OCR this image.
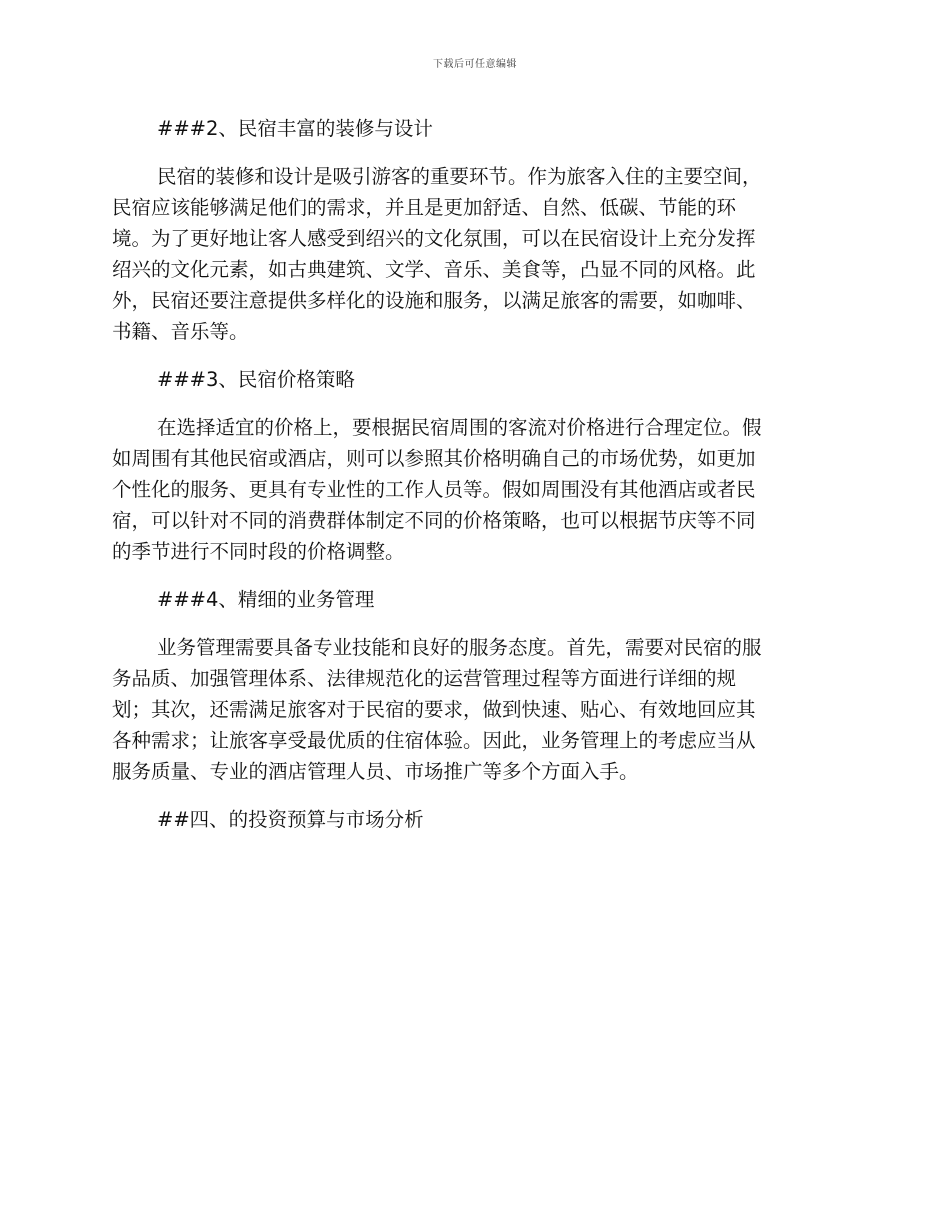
下载后可任意编辑
###2、民宿丰富的装修与设计

民宿的装修和设计是吸引游客的重要环节。作为旅客入住的主要空间，
民宿应该能够满足他们的需求，并且是更加舒适、自然、低碳、节能的环
境。为了更好地让客人感受到绍兴的文化氛围，可以在民宿设计上充分发挥
绍兴的文化元素，如古典建筑、文学、音乐、美食等，凸显不同的风格。此
外，民宿还要注意提供多样化的设施和服务，以满足旅客的需要，如咖啡、
书籍、音乐等。

###3、民宿价格策略

在选择适宜的价格上，要根据民宿周围的客流对价格进行合理定位。假
如周围有其他民宿或酒店，则可以参照其价格明确自己的市场优势，如更加
个性化的服务、更具有专业性的工作人员等。假如周围没有其他酒店或者民
宿，可以针对不同的消费群体制定不同的价格策略，也可以根据节庆等不同
的季节进行不同时段的价格调整。

###4、精细的业务管理

业务管理需要具备专业技能和良好的服务态度。首先，需要对民宿的服
务品质、加强管理体系、法律规范化的运营管理过程等方面进行详细的规
划；其次，还需满足旅客对于民宿的要求，做到快速、贴心、有效地回应其
各种需求；让旅客享受最优质的住宿体验。因此，业务管理上的考虑应当从
服务质量、专业的酒店管理人员、市场推广等多个方面入手。

##四、的投资预算与市场分析
